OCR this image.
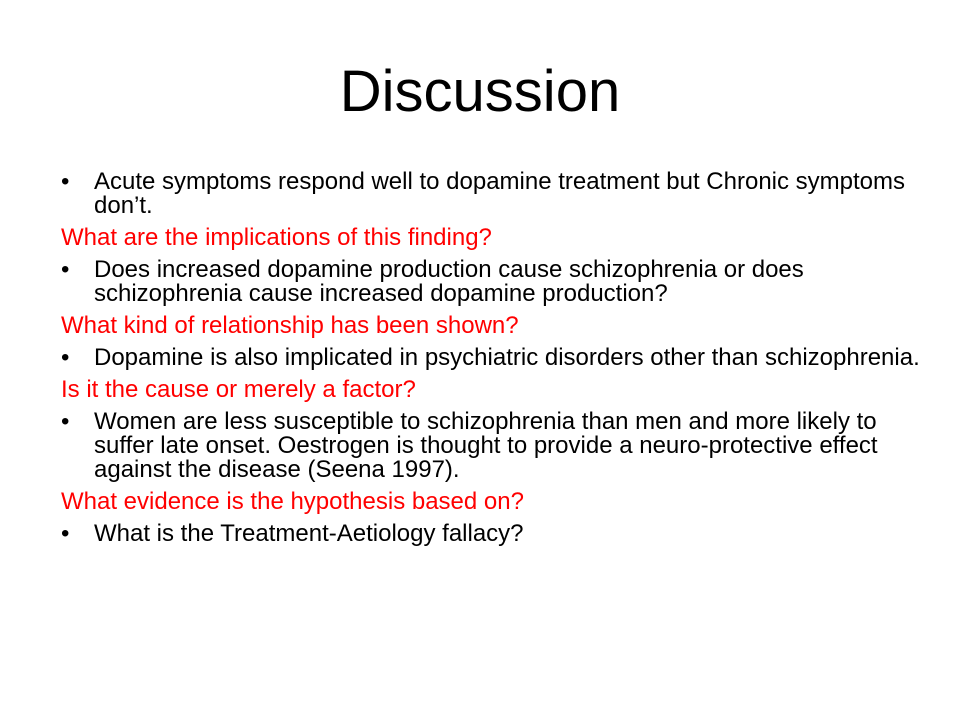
Discussion
• Acute symptoms respond well to dopamine treatment but Chronic symptoms don’t.
What are the implications of this finding?
• Does increased dopamine production cause schizophrenia or does schizophrenia cause increased dopamine production?
What kind of relationship has been shown?
• Dopamine is also implicated in psychiatric disorders other than schizophrenia.
Is it the cause or merely a factor?
• Women are less susceptible to schizophrenia than men and more likely to suffer late onset. Oestrogen is thought to provide a neuro-protective effect against the disease (Seena 1997).
What evidence is the hypothesis based on?
• What is the Treatment-Aetiology fallacy?
